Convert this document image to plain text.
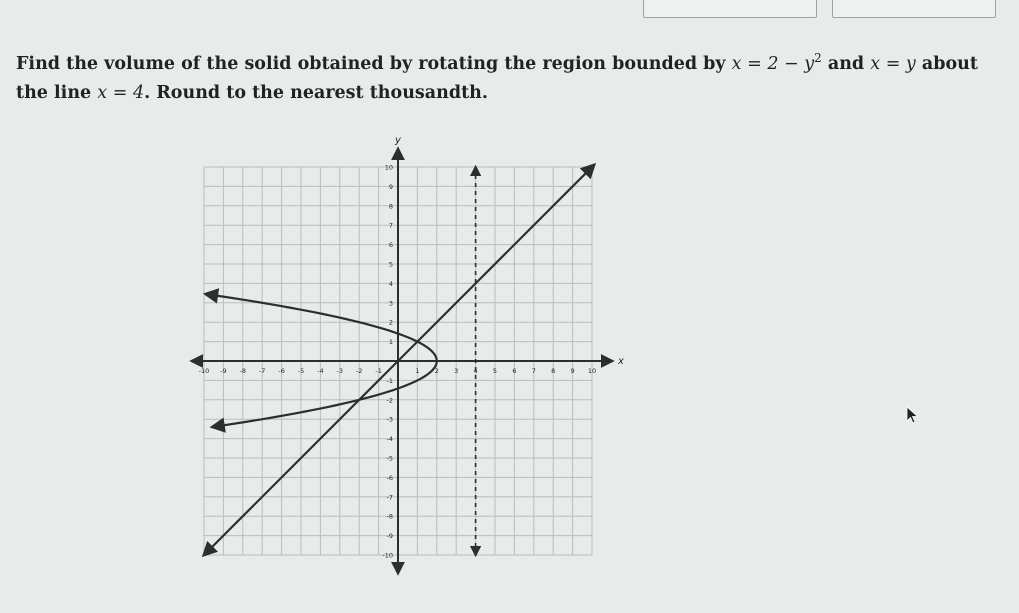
Find the volume of the solid obtained by rotating the region bounded by $x = 2 - y^2$ and x = y about the line x = 4. Round to the nearest thousandth.
x
y
-10 -9 -8 -7 -6 -5 -4 -3 -2 -1	1 2 3 4 5 6 7 8 9 10
-10
-9
-8
-7
-6
-5
-4
-3
-2
-1
1
2
3
4
5
6
7
8
9
10
